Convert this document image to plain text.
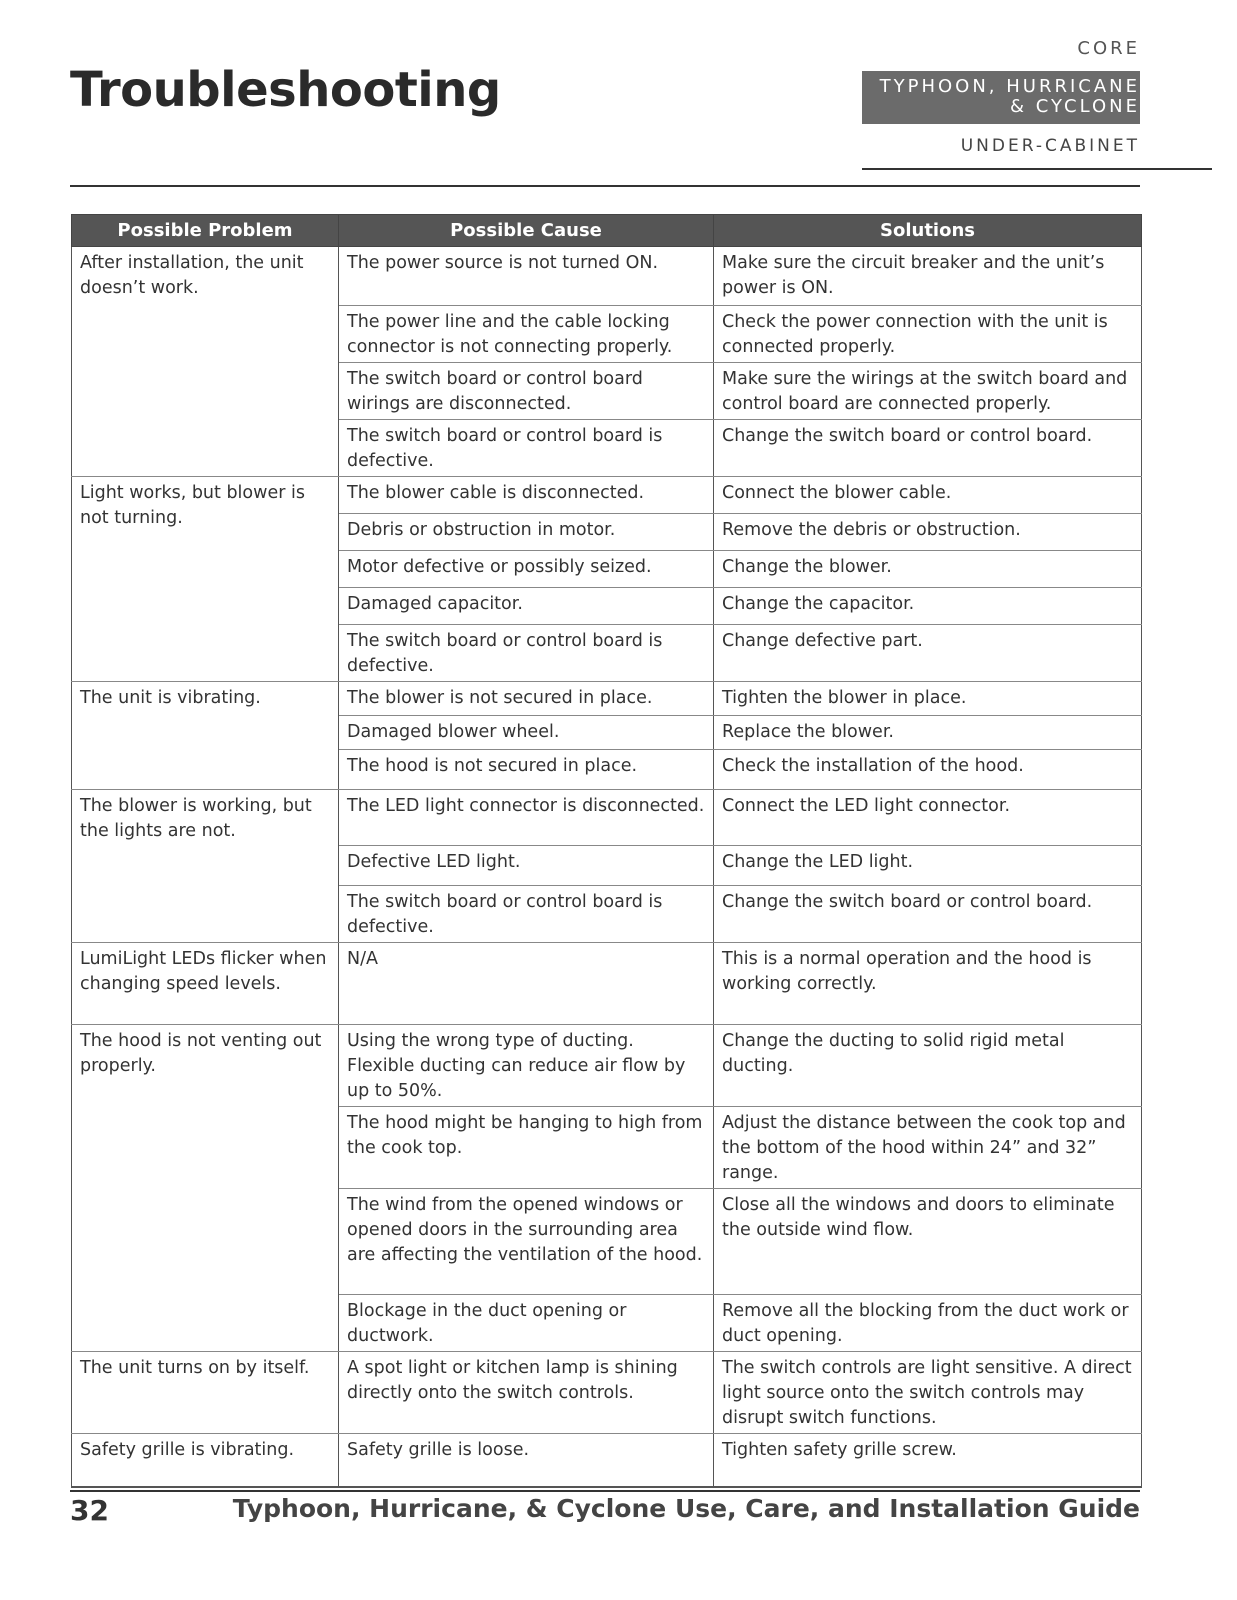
Troubleshooting
CORE
TYPHOON, HURRICANE & CYCLONE
UNDER-CABINET
Possible Problem	Possible Cause	Solutions
After installation, the unit doesn’t work.	The power source is not turned ON.	Make sure the circuit breaker and the unit’s power is ON.
	The power line and the cable locking connector is not connecting properly.	Check the power connection with the unit is connected properly.
	The switch board or control board wirings are disconnected.	Make sure the wirings at the switch board and control board are connected properly.
	The switch board or control board is defective.	Change the switch board or control board.
Light works, but blower is not turning.	The blower cable is disconnected.	Connect the blower cable.
	Debris or obstruction in motor.	Remove the debris or obstruction.
	Motor defective or possibly seized.	Change the blower.
	Damaged capacitor.	Change the capacitor.
	The switch board or control board is defective.	Change defective part.
The unit is vibrating.	The blower is not secured in place.	Tighten the blower in place.
	Damaged blower wheel.	Replace the blower.
	The hood is not secured in place.	Check the installation of the hood.
The blower is working, but the lights are not.	The LED light connector is disconnected.	Connect the LED light connector.
	Defective LED light.	Change the LED light.
	The switch board or control board is defective.	Change the switch board or control board.
LumiLight LEDs flicker when changing speed levels.	N/A	This is a normal operation and the hood is working correctly.
The hood is not venting out properly.	Using the wrong type of ducting. Flexible ducting can reduce air flow by up to 50%.	Change the ducting to solid rigid metal ducting.
	The hood might be hanging to high from the cook top.	Adjust the distance between the cook top and the bottom of the hood within 24” and 32” range.
	The wind from the opened windows or opened doors in the surrounding area are affecting the ventilation of the hood.	Close all the windows and doors to eliminate the outside wind flow.
	Blockage in the duct opening or ductwork.	Remove all the blocking from the duct work or duct opening.
The unit turns on by itself.	A spot light or kitchen lamp is shining directly onto the switch controls.	The switch controls are light sensitive. A direct light source onto the switch controls may disrupt switch functions.
Safety grille is vibrating.	Safety grille is loose.	Tighten safety grille screw.
32	Typhoon, Hurricane, & Cyclone Use, Care, and Installation Guide
